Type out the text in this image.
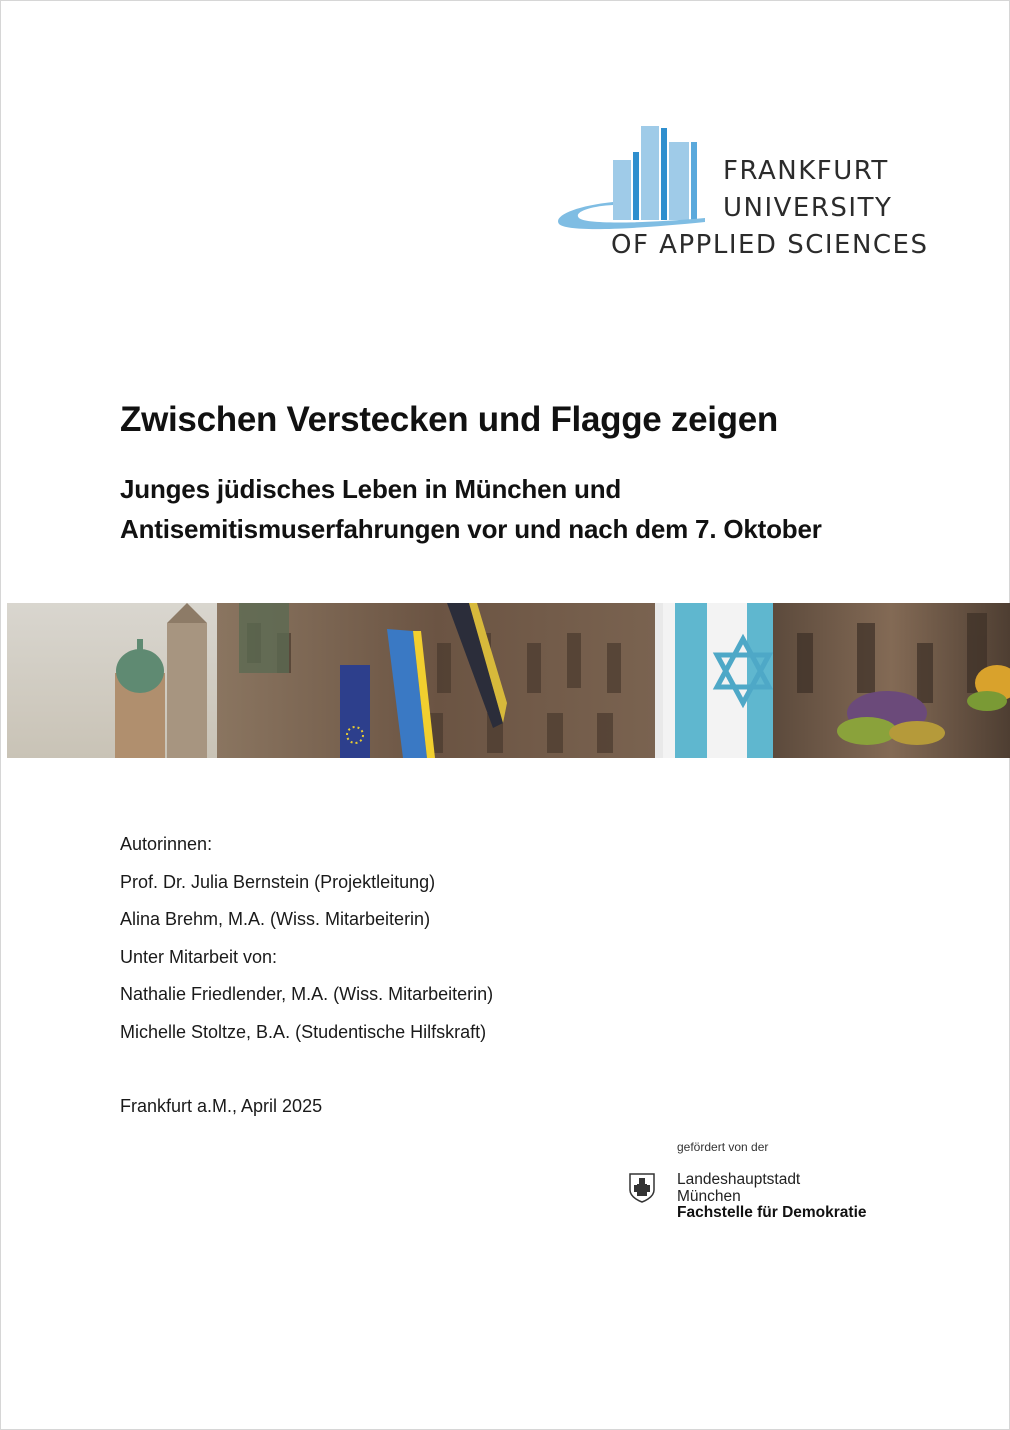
FRANKFURT
UNIVERSITY
OF APPLIED SCIENCES
Zwischen Verstecken und Flagge zeigen
Junges jüdisches Leben in München und
Antisemitismuserfahrungen vor und nach dem 7. Oktober
Autorinnen:
Prof. Dr. Julia Bernstein (Projektleitung)
Alina Brehm, M.A. (Wiss. Mitarbeiterin)
Unter Mitarbeit von:
Nathalie Friedlender, M.A. (Wiss. Mitarbeiterin)
Michelle Stoltze, B.A. (Studentische Hilfskraft)
Frankfurt a.M., April 2025
gefördert von der
Landeshauptstadt
München
Fachstelle für Demokratie
